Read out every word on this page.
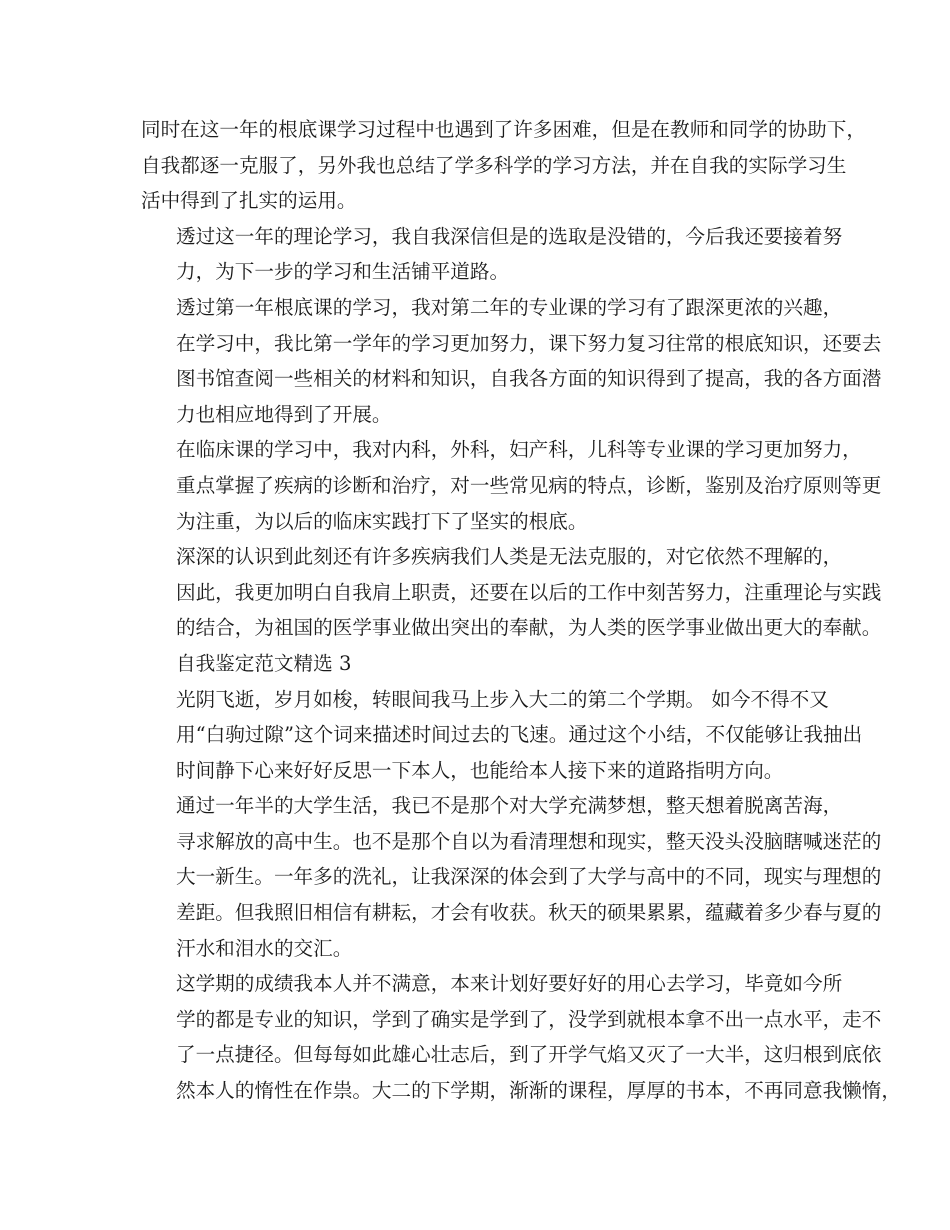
同时在这一年的根底课学习过程中也遇到了许多困难，但是在教师和同学的协助下，
自我都逐一克服了，另外我也总结了学多科学的学习方法，并在自我的实际学习生
活中得到了扎实的运用。

透过这一年的理论学习，我自我深信但是的选取是没错的，今后我还要接着努
力，为下一步的学习和生活铺平道路。

透过第一年根底课的学习，我对第二年的专业课的学习有了跟深更浓的兴趣，
在学习中，我比第一学年的学习更加努力，课下努力复习往常的根底知识，还要去
图书馆查阅一些相关的材料和知识，自我各方面的知识得到了提高，我的各方面潜
力也相应地得到了开展。

在临床课的学习中，我对内科，外科，妇产科，儿科等专业课的学习更加努力，
重点掌握了疾病的诊断和治疗，对一些常见病的特点，诊断，鉴别及治疗原则等更
为注重，为以后的临床实践打下了坚实的根底。

深深的认识到此刻还有许多疾病我们人类是无法克服的，对它依然不理解的，
因此，我更加明白自我肩上职责，还要在以后的工作中刻苦努力，注重理论与实践
的结合，为祖国的医学事业做出突出的奉献，为人类的医学事业做出更大的奉献。

自我鉴定范文精选 3

光阴飞逝，岁月如梭，转眼间我马上步入大二的第二个学期。 如今不得不又
用“白驹过隙”这个词来描述时间过去的飞速。通过这个小结，不仅能够让我抽出
时间静下心来好好反思一下本人，也能给本人接下来的道路指明方向。

通过一年半的大学生活，我已不是那个对大学充满梦想，整天想着脱离苦海，
寻求解放的高中生。也不是那个自以为看清理想和现实，整天没头没脑瞎喊迷茫的
大一新生。一年多的洗礼，让我深深的体会到了大学与高中的不同，现实与理想的
差距。但我照旧相信有耕耘，才会有收获。秋天的硕果累累，蕴藏着多少春与夏的
汗水和泪水的交汇。

这学期的成绩我本人并不满意，本来计划好要好好的用心去学习，毕竟如今所
学的都是专业的知识，学到了确实是学到了，没学到就根本拿不出一点水平，走不
了一点捷径。但每每如此雄心壮志后，到了开学气焰又灭了一大半，这归根到底依
然本人的惰性在作祟。大二的下学期，渐渐的课程，厚厚的书本，不再同意我懒惰，
